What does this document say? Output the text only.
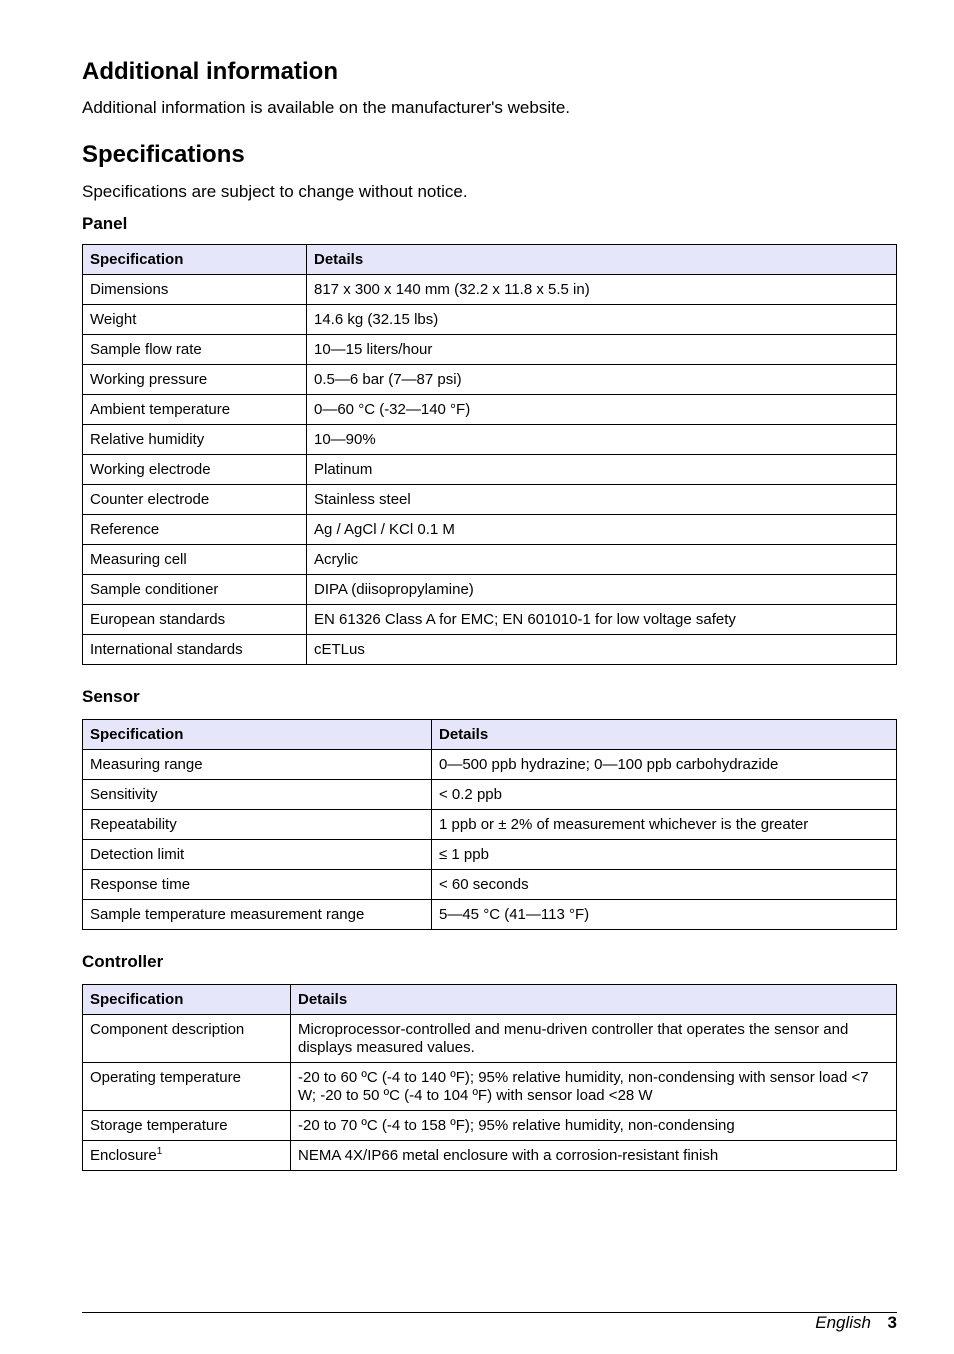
Additional information

Additional information is available on the manufacturer's website.

Specifications

Specifications are subject to change without notice.

Panel
Specification	Details
Dimensions	817 x 300 x 140 mm (32.2 x 11.8 x 5.5 in)
Weight	14.6 kg (32.15 lbs)
Sample flow rate	10—15 liters/hour
Working pressure	0.5—6 bar (7—87 psi)
Ambient temperature	0—60 °C (-32—140 °F)
Relative humidity	10—90%
Working electrode	Platinum
Counter electrode	Stainless steel
Reference	Ag / AgCl / KCl 0.1 M
Measuring cell	Acrylic
Sample conditioner	DIPA (diisopropylamine)
European standards	EN 61326 Class A for EMC; EN 601010-1 for low voltage safety
International standards	cETLus
Sensor
Specification	Details
Measuring range	0—500 ppb hydrazine; 0—100 ppb carbohydrazide
Sensitivity	< 0.2 ppb
Repeatability	1 ppb or ± 2% of measurement whichever is the greater
Detection limit	≤ 1 ppb
Response time	< 60 seconds
Sample temperature measurement range	5—45 °C (41—113 °F)
Controller
Specification	Details
Component description	Microprocessor-controlled and menu-driven controller that operates the sensor and displays measured values.
Operating temperature	-20 to 60 ºC (-4 to 140 ºF); 95% relative humidity, non-condensing with sensor load <7 W; -20 to 50 ºC (-4 to 104 ºF) with sensor load <28 W
Storage temperature	-20 to 70 ºC (-4 to 158 ºF); 95% relative humidity, non-condensing
Enclosure$^1$	NEMA 4X/IP66 metal enclosure with a corrosion-resistant finish
English 3
